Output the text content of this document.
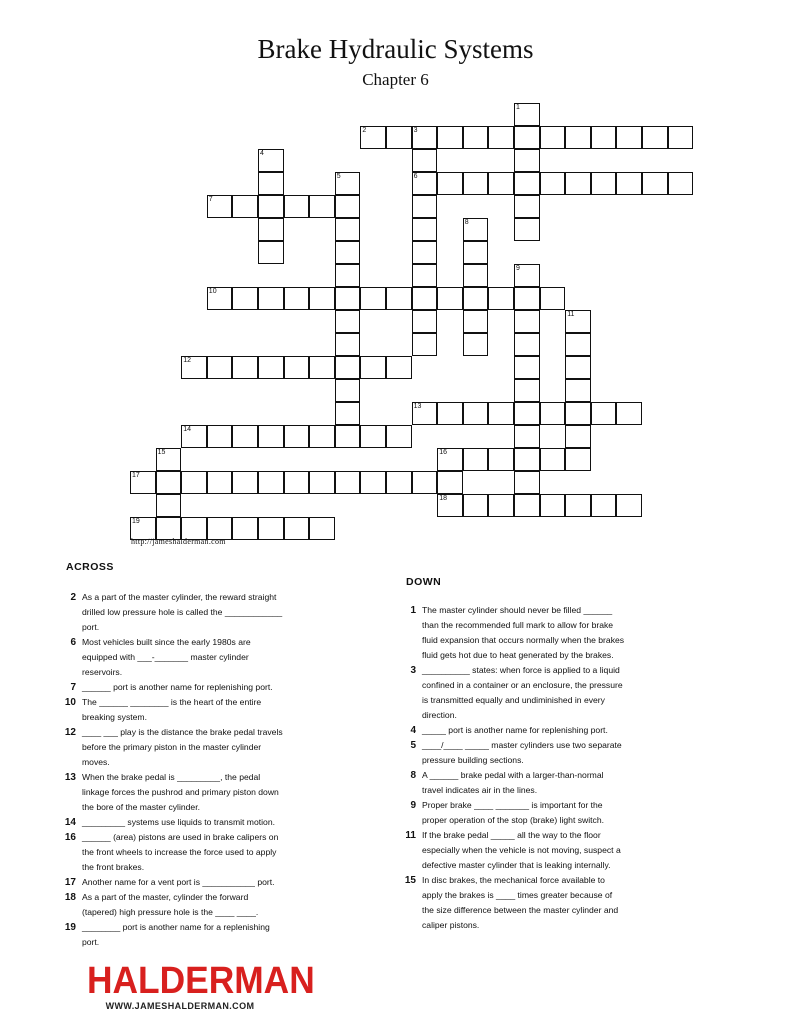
Brake Hydraulic Systems
Chapter 6
1
2	3
6
4
5
7
8
9
10
11
12
13
14
15	16
17
18
19
http://jameshalderman.com
ACROSS
DOWN
2 As a part of the master cylinder, the reward straight
drilled low pressure hole is called the ____________
port.
6 Most vehicles built since the early 1980s are
equipped with ___-_______ master cylinder
reservoirs.
7 ______ port is another name for replenishing port.
10 The ______ ________ is the heart of the entire
breaking system.
12 ____ ___ play is the distance the brake pedal travels
before the primary piston in the master cylinder
moves.
13 When the brake pedal is _________, the pedal
linkage forces the pushrod and primary piston down
the bore of the master cylinder.
14 _________ systems use liquids to transmit motion.
16 ______ (area) pistons are used in brake calipers on
the front wheels to increase the force used to apply
the front brakes.
17 Another name for a vent port is ___________ port.
18 As a part of the master, cylinder the forward
(tapered) high pressure hole is the ____ ____.
19 ________ port is another name for a replenishing
port.
1 The master cylinder should never be filled ______
than the recommended full mark to allow for brake
fluid expansion that occurs normally when the brakes
fluid gets hot due to heat generated by the brakes.
3 __________ states: when force is applied to a liquid
confined in a container or an enclosure, the pressure
is transmitted equally and undiminished in every
direction.
4 _____ port is another name for replenishing port.
5 ____/____ _____ master cylinders use two separate
pressure building sections.
8 A ______ brake pedal with a larger-than-normal
travel indicates air in the lines.
9 Proper brake ____ _______ is important for the
proper operation of the stop (brake) light switch.
11 If the brake pedal _____ all the way to the floor
especially when the vehicle is not moving, suspect a
defective master cylinder that is leaking internally.
15 In disc brakes, the mechanical force available to
apply the brakes is ____ times greater because of
the size difference between the master cylinder and
caliper pistons.
HALDERMAN
WWW.JAMESHALDERMAN.COM
